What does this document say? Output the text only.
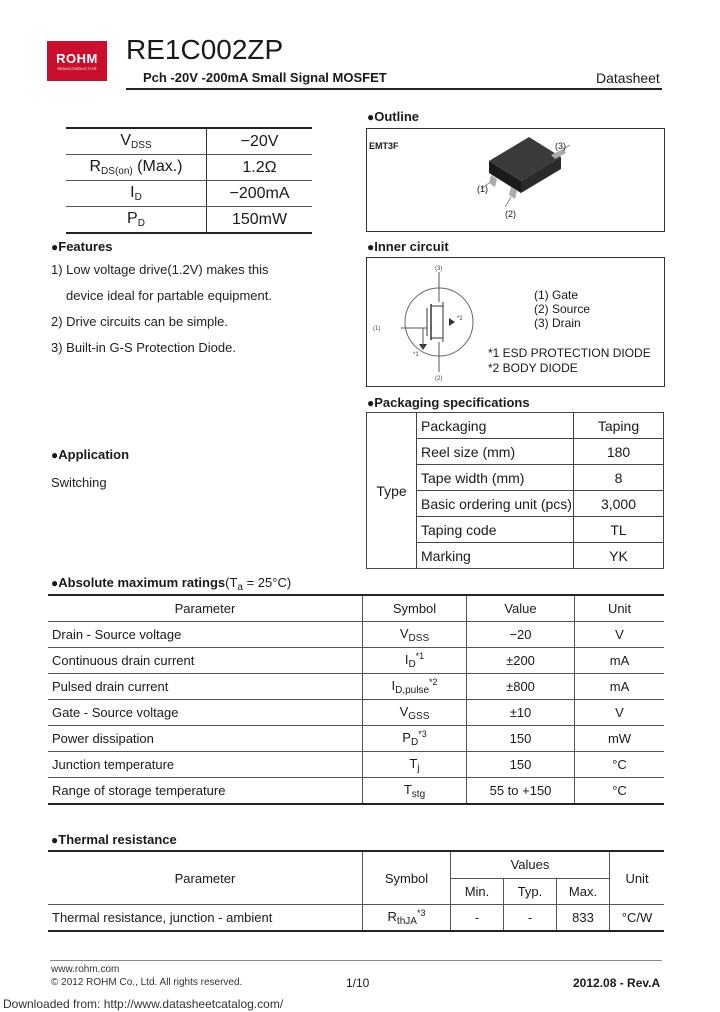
ROHM
SEMICONDUCTOR
RE1C002ZP
Pch -20V -200mA Small Signal MOSFET	Datasheet
$V_{DSS}$	−20V
$R_{DS(on)}$ (Max.)	1.2Ω
$I_D$	−200mA
$P_D$	150mW
●Outline
EMT3F	(3)
(1)
(2)
●Features
1) Low voltage drive(1.2V) makes this
device ideal for partable equipment.
2) Drive circuits can be simple.
3) Built-in G-S Protection Diode.
●Inner circuit
(3)
(1)
(2)
*1
*2
(1) Gate
(2) Source
(3) Drain
*1 ESD PROTECTION DIODE
*2 BODY DIODE
●Application
Switching
●Packaging specifications
Type	Packaging	Taping
	Reel size (mm)	180
	Tape width (mm)	8
	Basic ordering unit (pcs)	3,000
	Taping code	TL
	Marking	YK
●Absolute maximum $ratings(T_a = 25^\circ C)$
Parameter	Symbol	Value	Unit
Drain - Source voltage	$V_{DSS}$	−20	V
Continuous drain current	$I_D^{*1}$	±200	mA
Pulsed drain current	$I_{D,pulse}^{*2}$	±800	mA
Gate - Source voltage	$V_{GSS}$	±10	V
Power dissipation	$P_D^{*3}$	150	mW
Junction temperature	$T_j$	150	°C
Range of storage temperature	$T_{stg}$	55 to +150	°C
●Thermal resistance
Parameter	Symbol	Values			Unit
		Min.	Typ.	Max.	
Thermal resistance, junction - ambient	$R_{thJA}^{*3}$	-	-	833	°C/W
www.rohm.com
© 2012 ROHM Co., Ltd. All rights reserved.	1/10	2012.08 - Rev.A
Downloaded from: http://www.datasheetcatalog.com/
